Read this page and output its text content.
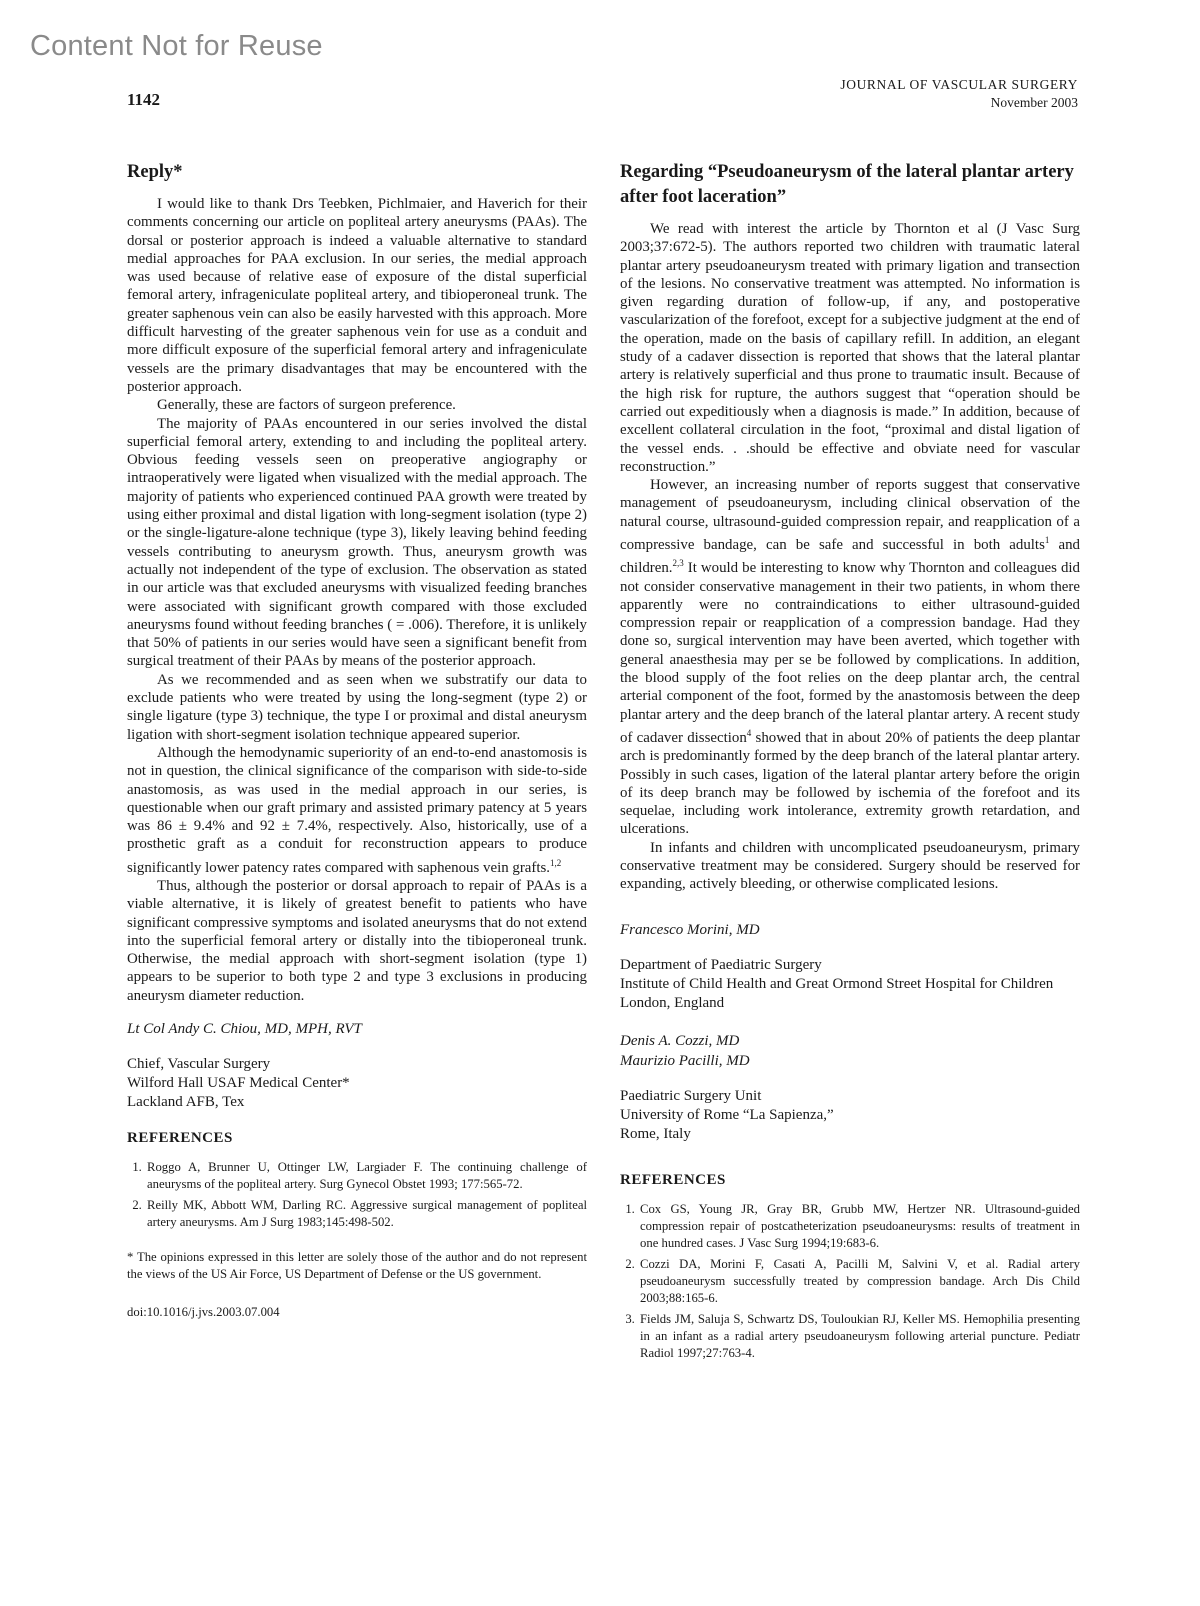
Content Not for Reuse
1142
JOURNAL OF VASCULAR SURGERY
November 2003
Reply*

I would like to thank Drs Teebken, Pichlmaier, and Haverich for their comments concerning our article on popliteal artery aneurysms (PAAs). The dorsal or posterior approach is indeed a valuable alternative to standard medial approaches for PAA exclusion. In our series, the medial approach was used because of relative ease of exposure of the distal superficial femoral artery, infrageniculate popliteal artery, and tibioperoneal trunk. The greater saphenous vein can also be easily harvested with this approach. More difficult harvesting of the greater saphenous vein for use as a conduit and more difficult exposure of the superficial femoral artery and infrageniculate vessels are the primary disadvantages that may be encountered with the posterior approach.

Generally, these are factors of surgeon preference.

The majority of PAAs encountered in our series involved the distal superficial femoral artery, extending to and including the popliteal artery. Obvious feeding vessels seen on preoperative angiography or intraoperatively were ligated when visualized with the medial approach. The majority of patients who experienced continued PAA growth were treated by using either proximal and distal ligation with long-segment isolation (type 2) or the single-ligature-alone technique (type 3), likely leaving behind feeding vessels contributing to aneurysm growth. Thus, aneurysm growth was actually not independent of the type of exclusion. The observation as stated in our article was that excluded aneurysms with visualized feeding branches were associated with significant growth compared with those excluded aneurysms found without feeding branches ( = .006). Therefore, it is unlikely that 50% of patients in our series would have seen a significant benefit from surgical treatment of their PAAs by means of the posterior approach.

As we recommended and as seen when we substratify our data to exclude patients who were treated by using the long-segment (type 2) or single ligature (type 3) technique, the type I or proximal and distal aneurysm ligation with short-segment isolation technique appeared superior.

Although the hemodynamic superiority of an end-to-end anastomosis is not in question, the clinical significance of the comparison with side-to-side anastomosis, as was used in the medial approach in our series, is questionable when our graft primary and assisted primary patency at 5 years was 86 ± 9.4% and 92 ± 7.4%, respectively. Also, historically, use of a prosthetic graft as a conduit for reconstruction appears to produce significantly lower patency rates compared with saphenous vein grafts.$^{1,2}$

Thus, although the posterior or dorsal approach to repair of PAAs is a viable alternative, it is likely of greatest benefit to patients who have significant compressive symptoms and isolated aneurysms that do not extend into the superficial femoral artery or distally into the tibioperoneal trunk. Otherwise, the medial approach with short-segment isolation (type 1) appears to be superior to both type 2 and type 3 exclusions in producing aneurysm diameter reduction.

Lt Col Andy C. Chiou, MD, MPH, RVT
Chief, Vascular Surgery
Wilford Hall USAF Medical Center*
Lackland AFB, Tex
REFERENCES
1. Roggo A, Brunner U, Ottinger LW, Largiader F. The continuing challenge of aneurysms of the popliteal artery. Surg Gynecol Obstet 1993; 177:565-72.
2. Reilly MK, Abbott WM, Darling RC. Aggressive surgical management of popliteal artery aneurysms. Am J Surg 1983;145:498-502.
* The opinions expressed in this letter are solely those of the author and do not represent the views of the US Air Force, US Department of Defense or the US government.
doi:10.1016/j.jvs.2003.07.004
Regarding “Pseudoaneurysm of the lateral plantar artery after foot laceration”

We read with interest the article by Thornton et al (J Vasc Surg 2003;37:672-5). The authors reported two children with traumatic lateral plantar artery pseudoaneurysm treated with primary ligation and transection of the lesions. No conservative treatment was attempted. No information is given regarding duration of follow-up, if any, and postoperative vascularization of the forefoot, except for a subjective judgment at the end of the operation, made on the basis of capillary refill. In addition, an elegant study of a cadaver dissection is reported that shows that the lateral plantar artery is relatively superficial and thus prone to traumatic insult. Because of the high risk for rupture, the authors suggest that “operation should be carried out expeditiously when a diagnosis is made.” In addition, because of excellent collateral circulation in the foot, “proximal and distal ligation of the vessel ends. . .should be effective and obviate need for vascular reconstruction.”

However, an increasing number of reports suggest that conservative management of pseudoaneurysm, including clinical observation of the natural course, ultrasound-guided compression repair, and reapplication of a compressive bandage, can be safe and successful in both adults$^1$ and children.$^{2,3}$ It would be interesting to know why Thornton and colleagues did not consider conservative management in their two patients, in whom there apparently were no contraindications to either ultrasound-guided compression repair or reapplication of a compression bandage. Had they done so, surgical intervention may have been averted, which together with general anaesthesia may per se be followed by complications. In addition, the blood supply of the foot relies on the deep plantar arch, the central arterial component of the foot, formed by the anastomosis between the deep plantar artery and the deep branch of the lateral plantar artery. A recent study of cadaver dissection$^4$ showed that in about 20% of patients the deep plantar arch is predominantly formed by the deep branch of the lateral plantar artery. Possibly in such cases, ligation of the lateral plantar artery before the origin of its deep branch may be followed by ischemia of the forefoot and its sequelae, including work intolerance, extremity growth retardation, and ulcerations.

In infants and children with uncomplicated pseudoaneurysm, primary conservative treatment may be considered. Surgery should be reserved for expanding, actively bleeding, or otherwise complicated lesions.

Francesco Morini, MD
Department of Paediatric Surgery
Institute of Child Health and Great Ormond Street Hospital for Children
London, England
Denis A. Cozzi, MD
Maurizio Pacilli, MD
Paediatric Surgery Unit
University of Rome “La Sapienza,”
Rome, Italy
REFERENCES
1. Cox GS, Young JR, Gray BR, Grubb MW, Hertzer NR. Ultrasound-guided compression repair of postcatheterization pseudoaneurysms: results of treatment in one hundred cases. J Vasc Surg 1994;19:683-6.
2. Cozzi DA, Morini F, Casati A, Pacilli M, Salvini V, et al. Radial artery pseudoaneurysm successfully treated by compression bandage. Arch Dis Child 2003;88:165-6.
3. Fields JM, Saluja S, Schwartz DS, Touloukian RJ, Keller MS. Hemophilia presenting in an infant as a radial artery pseudoaneurysm following arterial puncture. Pediatr Radiol 1997;27:763-4.
